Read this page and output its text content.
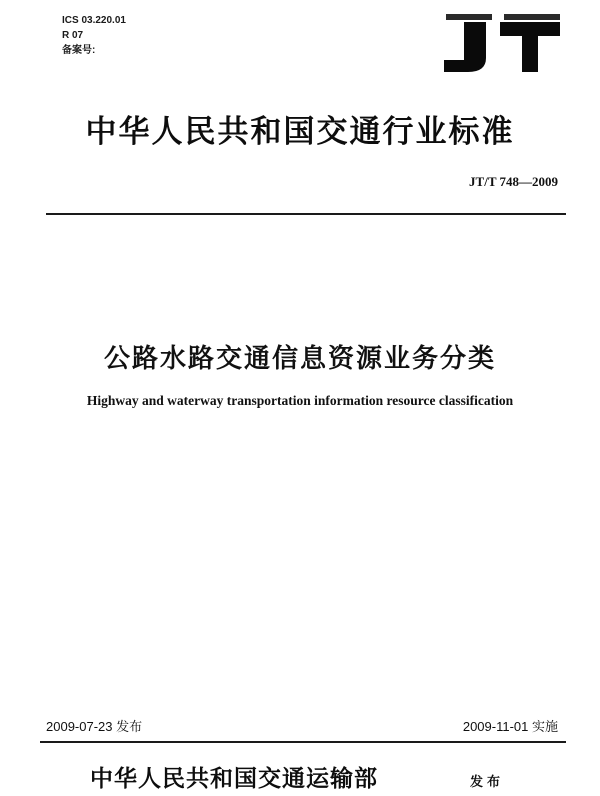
ICS 03.220.01
R 07
备案号:
中华人民共和国交通行业标准
JT/T 748—2009
公路水路交通信息资源业务分类
Highway and waterway transportation information resource classification
2009-07-23 发布	2009-11-01 实施
中华人民共和国交通运输部	发布
